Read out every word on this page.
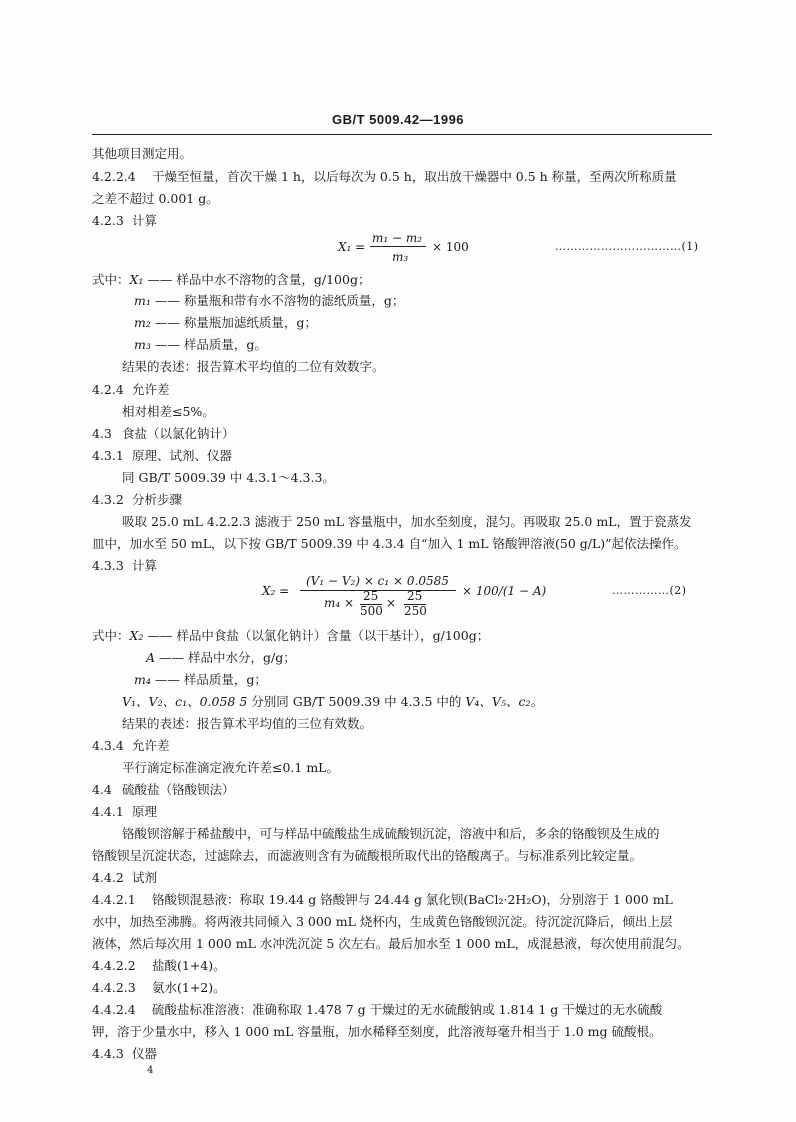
GB/T 5009.42—1996
其他项目测定用。
4.2.2.4 干燥至恒量，首次干燥 1 h，以后每次为 0.5 h，取出放干燥器中 0.5 h 称量，至两次所称质量
之差不超过 0.001 g。
4.2.3 计算
X₁ =
m₁ − m₂
m₃
× 100	……………………………(1)
式中：X₁ —— 样品中水不溶物的含量，g/100g；
m₁ —— 称量瓶和带有水不溶物的滤纸质量，g；
m₂ —— 称量瓶加滤纸质量，g；
m₃ —— 样品质量，g。
结果的表述：报告算术平均值的二位有效数字。
4.2.4 允许差
相对相差≤5%。
4.3 食盐（以氯化钠计）
4.3.1 原理、试剂、仪器
同 GB/T 5009.39 中 4.3.1～4.3.3。
4.3.2 分析步骤
吸取 25.0 mL 4.2.2.3 滤液于 250 mL 容量瓶中，加水至刻度，混匀。再吸取 25.0 mL，置于瓷蒸发
皿中，加水至 50 mL，以下按 GB/T 5009.39 中 4.3.4 自“加入 1 mL 铬酸钾溶液(50 g/L)”起依法操作。
4.3.3 计算
X₂ =
(V₁ − V₂) × c₁ × 0.0585
m₄ × 25
500
× 25
250
× 100/(1 − A)	……………(2)
式中：X₂ —— 样品中食盐（以氯化钠计）含量（以干基计），g/100g；
A —— 样品中水分，g/g；
m₄ —— 样品质量，g；
V₁、V₂、c₁、0.058 5 分别同 GB/T 5009.39 中 4.3.5 中的 V₄、V₅、c₂。
结果的表述：报告算术平均值的三位有效数。
4.3.4 允许差
平行滴定标准滴定液允许差≤0.1 mL。
4.4 硫酸盐（铬酸钡法）
4.4.1 原理
铬酸钡溶解于稀盐酸中，可与样品中硫酸盐生成硫酸钡沉淀，溶液中和后，多余的铬酸钡及生成的
铬酸钡呈沉淀状态，过滤除去，而滤液则含有为硫酸根所取代出的铬酸离子。与标准系列比较定量。
4.4.2 试剂
4.4.2.1 铬酸钡混悬液：称取 19.44 g 铬酸钾与 24.44 g 氯化钡(BaCl₂·2H₂O)，分别溶于 1 000 mL
水中，加热至沸腾。将两液共同倾入 3 000 mL 烧杯内，生成黄色铬酸钡沉淀。待沉淀沉降后，倾出上层
液体，然后每次用 1 000 mL 水冲洗沉淀 5 次左右。最后加水至 1 000 mL，成混悬液，每次使用前混匀。
4.4.2.2 盐酸(1+4)。
4.4.2.3 氨水(1+2)。
4.4.2.4 硫酸盐标准溶液：准确称取 1.478 7 g 干燥过的无水硫酸钠或 1.814 1 g 干燥过的无水硫酸
钾，溶于少量水中，移入 1 000 mL 容量瓶，加水稀释至刻度，此溶液每毫升相当于 1.0 mg 硫酸根。
4.4.3 仪器
4
